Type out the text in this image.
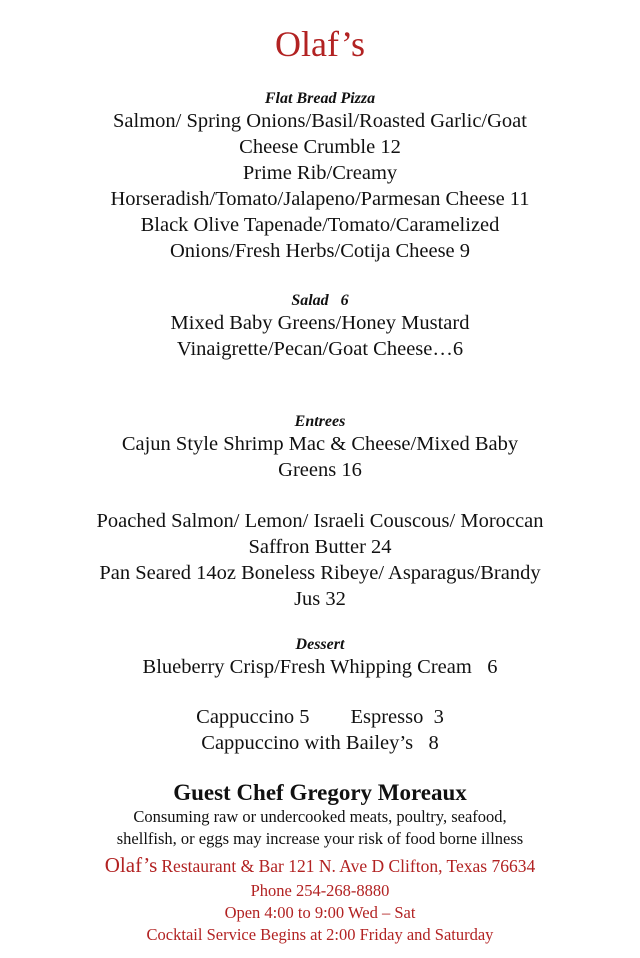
Olaf’s
Flat Bread Pizza
Salmon/ Spring Onions/Basil/Roasted Garlic/Goat
Cheese Crumble 12
Prime Rib/Creamy
Horseradish/Tomato/Jalapeno/Parmesan Cheese 11
Black Olive Tapenade/Tomato/Caramelized
Onions/Fresh Herbs/Cotija Cheese 9
Salad   6
Mixed Baby Greens/Honey Mustard
Vinaigrette/Pecan/Goat Cheese…6
Entrees
Cajun Style Shrimp Mac & Cheese/Mixed Baby
Greens 16
Poached Salmon/ Lemon/ Israeli Couscous/ Moroccan
Saffron Butter 24
Pan Seared 14oz Boneless Ribeye/ Asparagus/Brandy
Jus 32
Dessert
Blueberry Crisp/Fresh Whipping Cream   6
Cappuccino 5        Espresso  3
Cappuccino with Bailey’s   8
Guest Chef Gregory Moreaux
Consuming raw or undercooked meats, poultry, seafood,
shellfish, or eggs may increase your risk of food borne illness
Olaf’s Restaurant & Bar 121 N. Ave D Clifton, Texas 76634
Phone 254-268-8880
Open 4:00 to 9:00 Wed – Sat
Cocktail Service Begins at 2:00 Friday and Saturday
